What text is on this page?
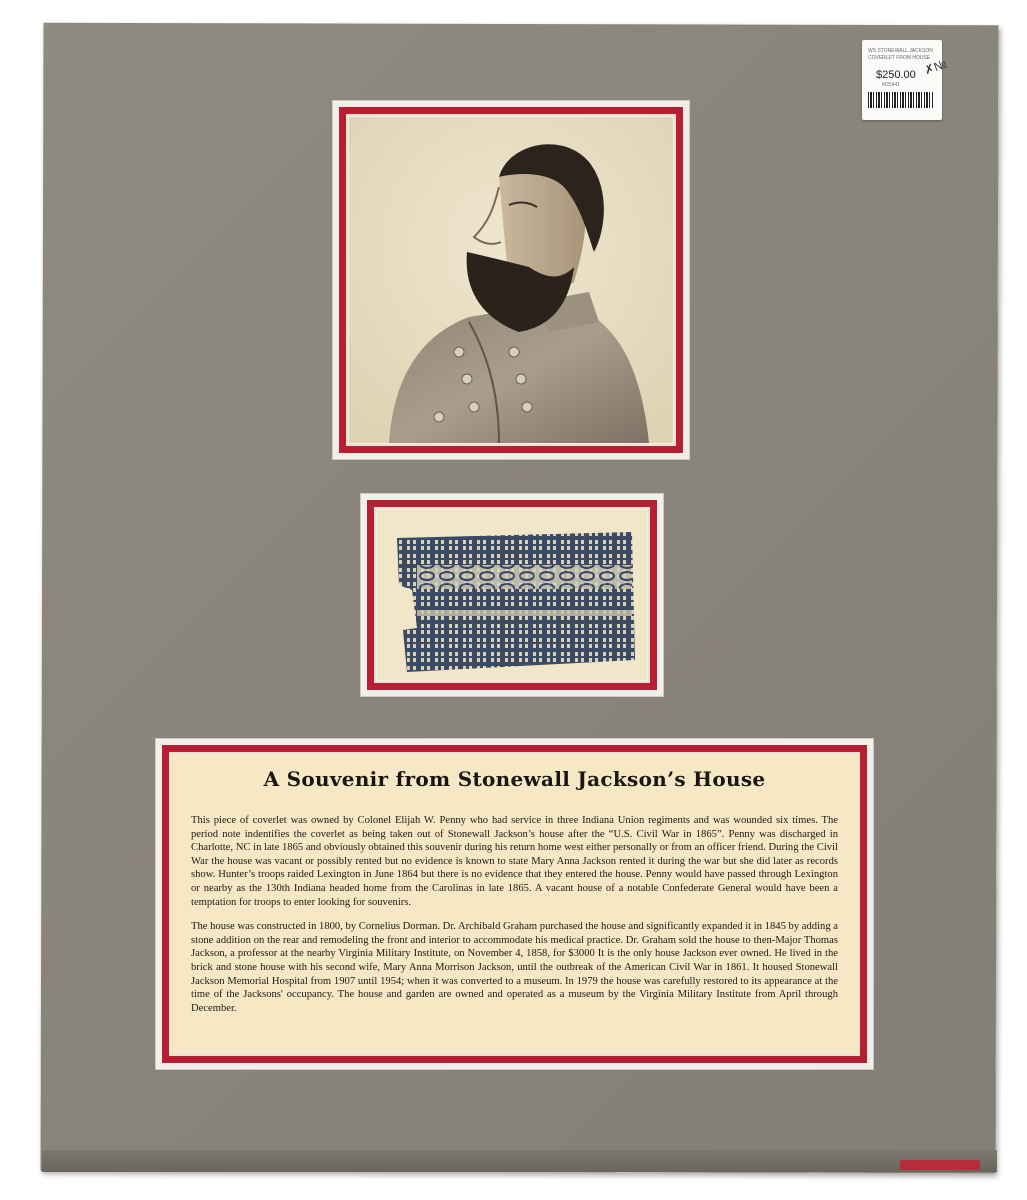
WS STONEWALL JACKSON
COVERLET FROM HOUSE
$250.00 ✗№
M25441
A Souvenir from Stonewall Jackson’s House

This piece of coverlet was owned by Colonel Elijah W. Penny who had service in three Indiana Union regiments and was wounded six times. The period note indentifies the coverlet as being taken out of Stonewall Jackson’s house after the “U.S. Civil War in 1865”. Penny was discharged in Charlotte, NC in late 1865 and obviously obtained this souvenir during his return home west either personally or from an officer friend. During the Civil War the house was vacant or possibly rented but no evidence is known to state Mary Anna Jackson rented it during the war but she did later as records show. Hunter’s troops raided Lexington in June 1864 but there is no evidence that they entered the house. Penny would have passed through Lexington or nearby as the 130th Indiana headed home from the Carolinas in late 1865. A vacant house of a notable Confederate General would have been a temptation for troops to enter looking for souvenirs.

The house was constructed in 1800, by Cornelius Dorman. Dr. Archibald Graham purchased the house and significantly expanded it in 1845 by adding a stone addition on the rear and remodeling the front and interior to accommodate his medical practice. Dr. Graham sold the house to then-Major Thomas Jackson, a professor at the nearby Virginia Military Institute, on November 4, 1858, for $3000 It is the only house Jackson ever owned. He lived in the brick and stone house with his second wife, Mary Anna Morrison Jackson, until the outbreak of the American Civil War in 1861. It housed Stonewall Jackson Memorial Hospital from 1907 until 1954; when it was converted to a museum. In 1979 the house was carefully restored to its appearance at the time of the Jacksons' occupancy. The house and garden are owned and operated as a museum by the Virginia Military Institute from April through December.
